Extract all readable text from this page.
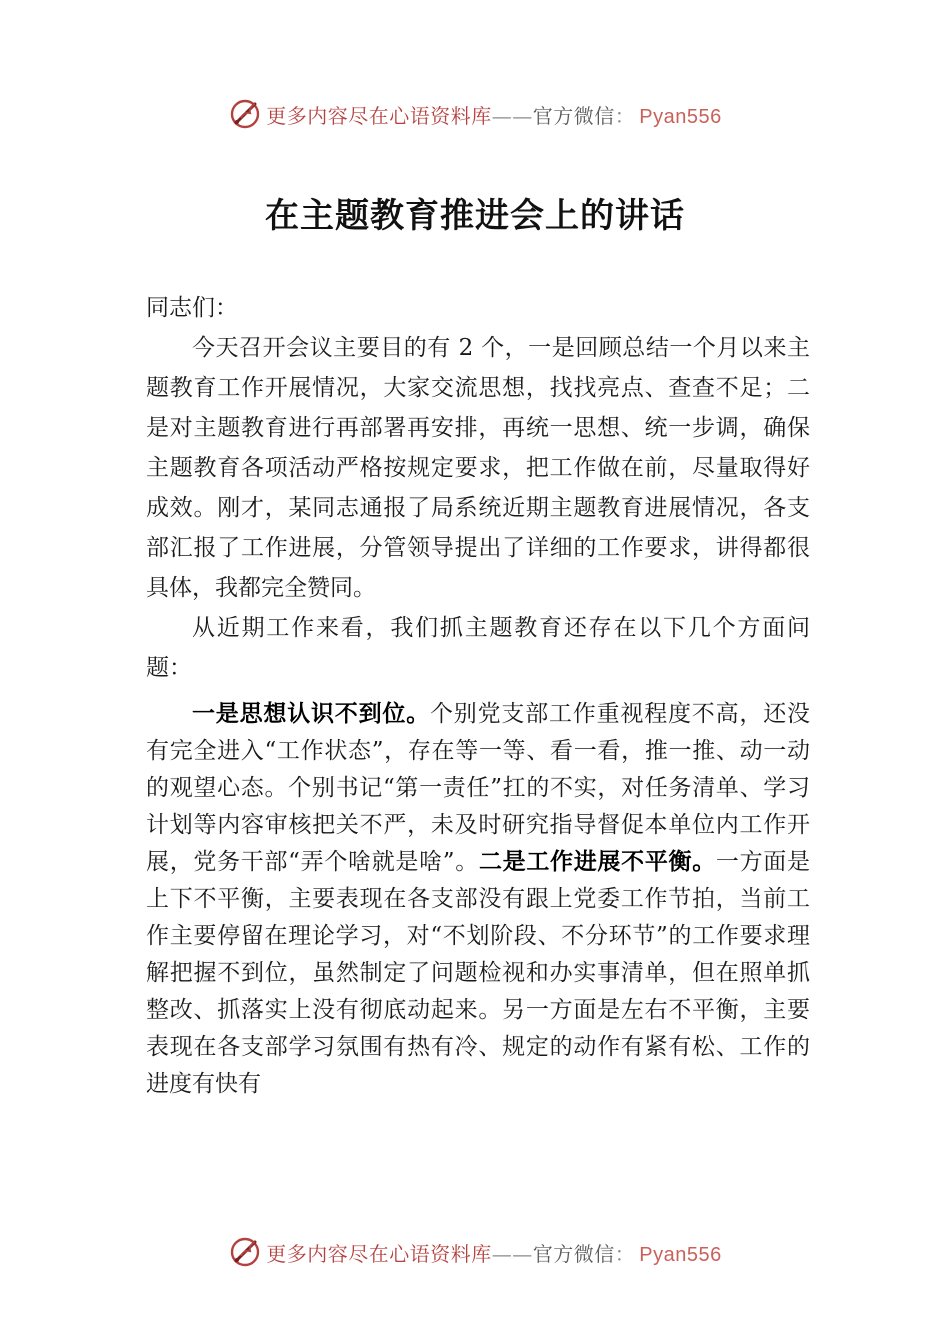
更多内容尽在心语资料库——官方微信： Pyan556
在主题教育推进会上的讲话

同志们：

今天召开会议主要目的有 2 个，一是回顾总结一个月以来主题教育工作开展情况，大家交流思想，找找亮点、查查不足；二是对主题教育进行再部署再安排，再统一思想、统一步调，确保主题教育各项活动严格按规定要求，把工作做在前，尽量取得好成效。刚才，某同志通报了局系统近期主题教育进展情况，各支部汇报了工作进展，分管领导提出了详细的工作要求，讲得都很具体，我都完全赞同。

从近期工作来看，我们抓主题教育还存在以下几个方面问题：

一是思想认识不到位。个别党支部工作重视程度不高，还没有完全进入“工作状态”，存在等一等、看一看，推一推、动一动的观望心态。个别书记“第一责任”扛的不实，对任务清单、学习计划等内容审核把关不严，未及时研究指导督促本单位内工作开展，党务干部“弄个啥就是啥”。二是工作进展不平衡。一方面是上下不平衡，主要表现在各支部没有跟上党委工作节拍，当前工作主要停留在理论学习，对“不划阶段、不分环节”的工作要求理解把握不到位，虽然制定了问题检视和办实事清单，但在照单抓整改、抓落实上没有彻底动起来。另一方面是左右不平衡，主要表现在各支部学习氛围有热有冷、规定的动作有紧有松、工作的进度有快有

更多内容尽在心语资料库——官方微信： Pyan556
